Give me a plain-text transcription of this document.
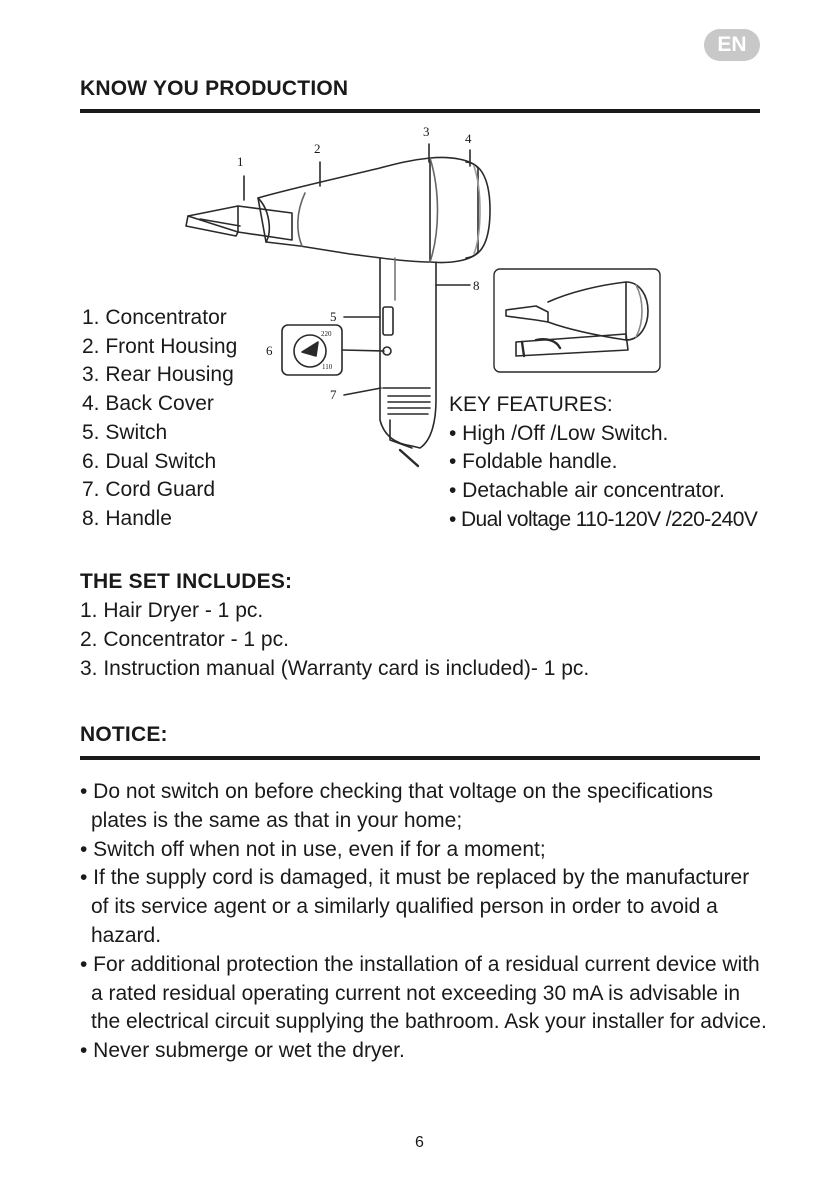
EN
KNOW YOU PRODUCTION
1
2
3	4
5
6
7
8
220
110
1. Concentrator
2. Front Housing
3. Rear Housing
4. Back Cover
5. Switch
6. Dual Switch
7. Cord Guard
8. Handle
KEY FEATURES:
• High /Off /Low Switch.
• Foldable handle.
• Detachable air concentrator.
• Dual voltage 110-120V /220-240V
THE SET INCLUDES:
1. Hair Dryer - 1 pc.
2. Concentrator - 1 pc.
3. Instruction manual (Warranty card is included)- 1 pc.
NOTICE:
• Do not switch on before checking that voltage on the specifications plates is the same as that in your home;
• Switch off when not in use, even if for a moment;
• If the supply cord is damaged, it must be replaced by the manufacturer of its service agent or a similarly qualified person in order to avoid a hazard.
• For additional protection the installation of a residual current device with a rated residual operating current not exceeding 30 mA is advisable in the electrical circuit supplying the bathroom. Ask your installer for advice.
• Never submerge or wet the dryer.
6
